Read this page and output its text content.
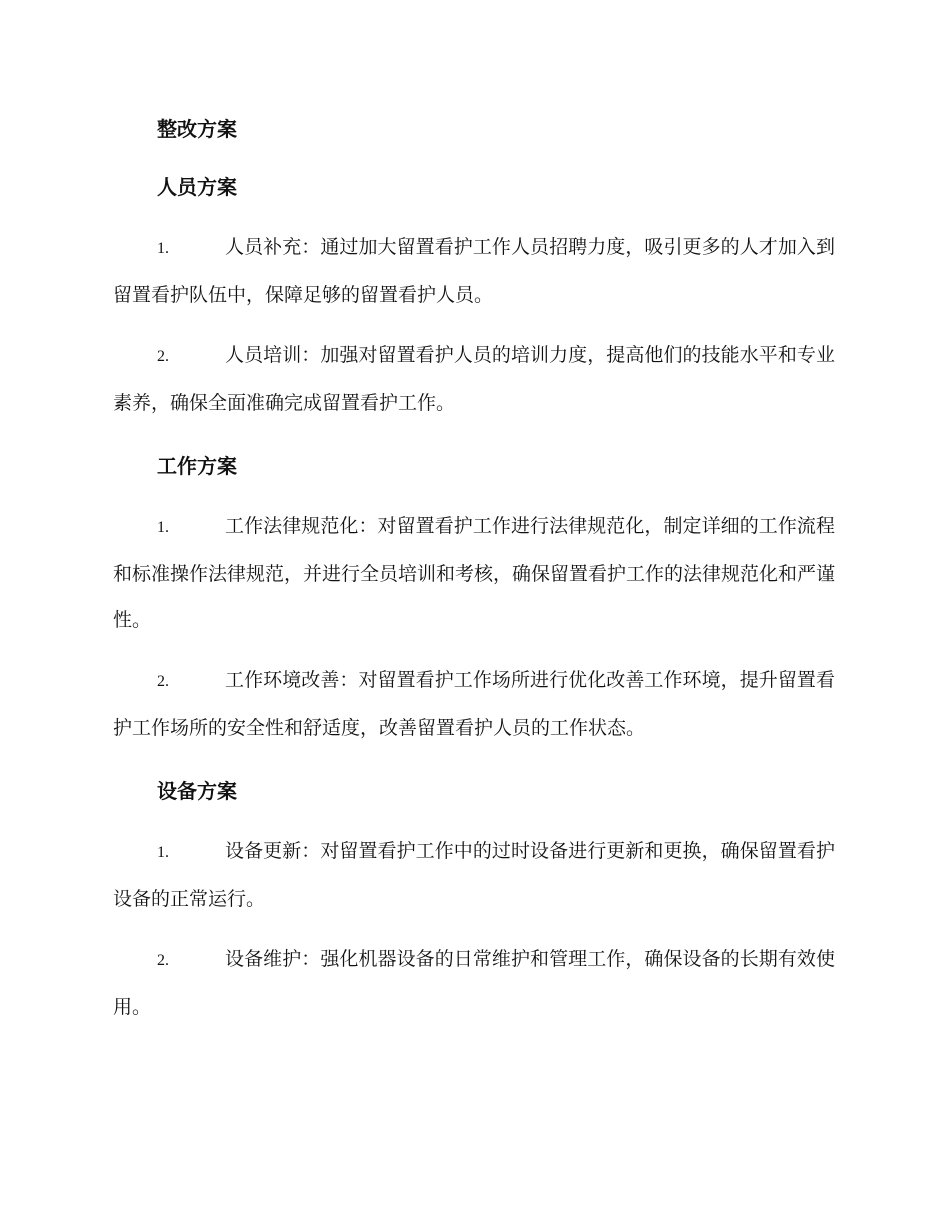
整改方案
人员方案

1.	人员补充：通过加大留置看护工作人员招聘力度，吸引更多的人才加入到留置看护队伍中，保障足够的留置看护人员。

2.	人员培训：加强对留置看护人员的培训力度，提高他们的技能水平和专业素养，确保全面准确完成留置看护工作。

工作方案

1.	工作法律规范化：对留置看护工作进行法律规范化，制定详细的工作流程和标准操作法律规范，并进行全员培训和考核，确保留置看护工作的法律规范化和严谨性。

2.	工作环境改善：对留置看护工作场所进行优化改善工作环境，提升留置看护工作场所的安全性和舒适度，改善留置看护人员的工作状态。

设备方案

1.	设备更新：对留置看护工作中的过时设备进行更新和更换，确保留置看护设备的正常运行。

2.	设备维护：强化机器设备的日常维护和管理工作，确保设备的长期有效使用。
